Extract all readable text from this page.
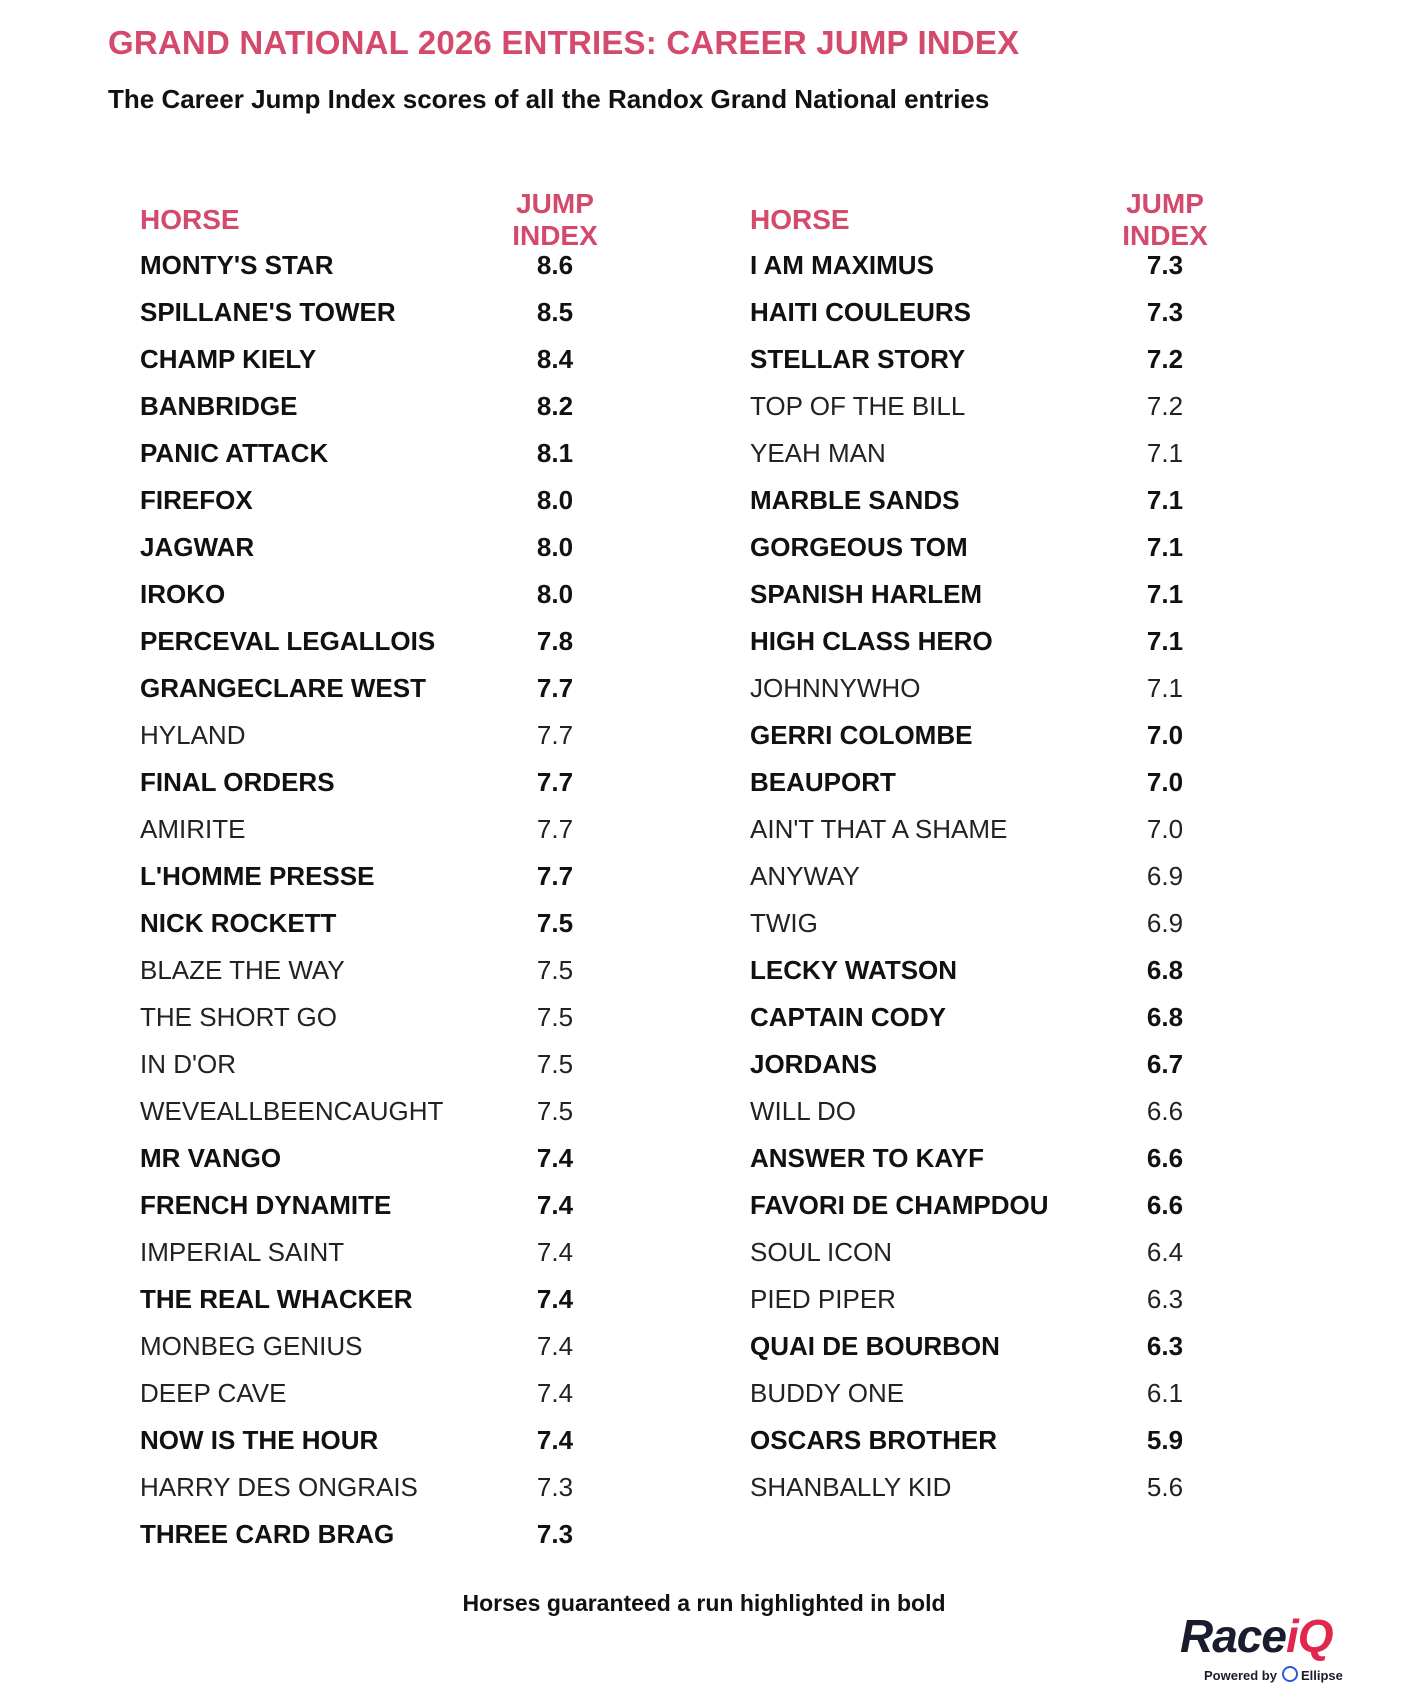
GRAND NATIONAL 2026 ENTRIES: CAREER JUMP INDEX
The Career Jump Index scores of all the Randox Grand National entries
HORSE
JUMP INDEX
MONTY'S STAR	8.6
SPILLANE'S TOWER	8.5
CHAMP KIELY	8.4
BANBRIDGE	8.2
PANIC ATTACK	8.1
FIREFOX	8.0
JAGWAR	8.0
IROKO	8.0
PERCEVAL LEGALLOIS	7.8
GRANGECLARE WEST	7.7
HYLAND	7.7
FINAL ORDERS	7.7
AMIRITE	7.7
L'HOMME PRESSE	7.7
NICK ROCKETT	7.5
BLAZE THE WAY	7.5
THE SHORT GO	7.5
IN D'OR	7.5
WEVEALLBEENCAUGHT	7.5
MR VANGO	7.4
FRENCH DYNAMITE	7.4
IMPERIAL SAINT	7.4
THE REAL WHACKER	7.4
MONBEG GENIUS	7.4
DEEP CAVE	7.4
NOW IS THE HOUR	7.4
HARRY DES ONGRAIS	7.3
THREE CARD BRAG	7.3
HORSE
JUMP INDEX
I AM MAXIMUS	7.3
HAITI COULEURS	7.3
STELLAR STORY	7.2
TOP OF THE BILL	7.2
YEAH MAN	7.1
MARBLE SANDS	7.1
GORGEOUS TOM	7.1
SPANISH HARLEM	7.1
HIGH CLASS HERO	7.1
JOHNNYWHO	7.1
GERRI COLOMBE	7.0
BEAUPORT	7.0
AIN'T THAT A SHAME	7.0
ANYWAY	6.9
TWIG	6.9
LECKY WATSON	6.8
CAPTAIN CODY	6.8
JORDANS	6.7
WILL DO	6.6
ANSWER TO KAYF	6.6
FAVORI DE CHAMPDOU	6.6
SOUL ICON	6.4
PIED PIPER	6.3
QUAI DE BOURBON	6.3
BUDDY ONE	6.1
OSCARS BROTHER	5.9
SHANBALLY KID	5.6
Horses guaranteed a run highlighted in bold
RaceiQ
Powered by Ellipse
